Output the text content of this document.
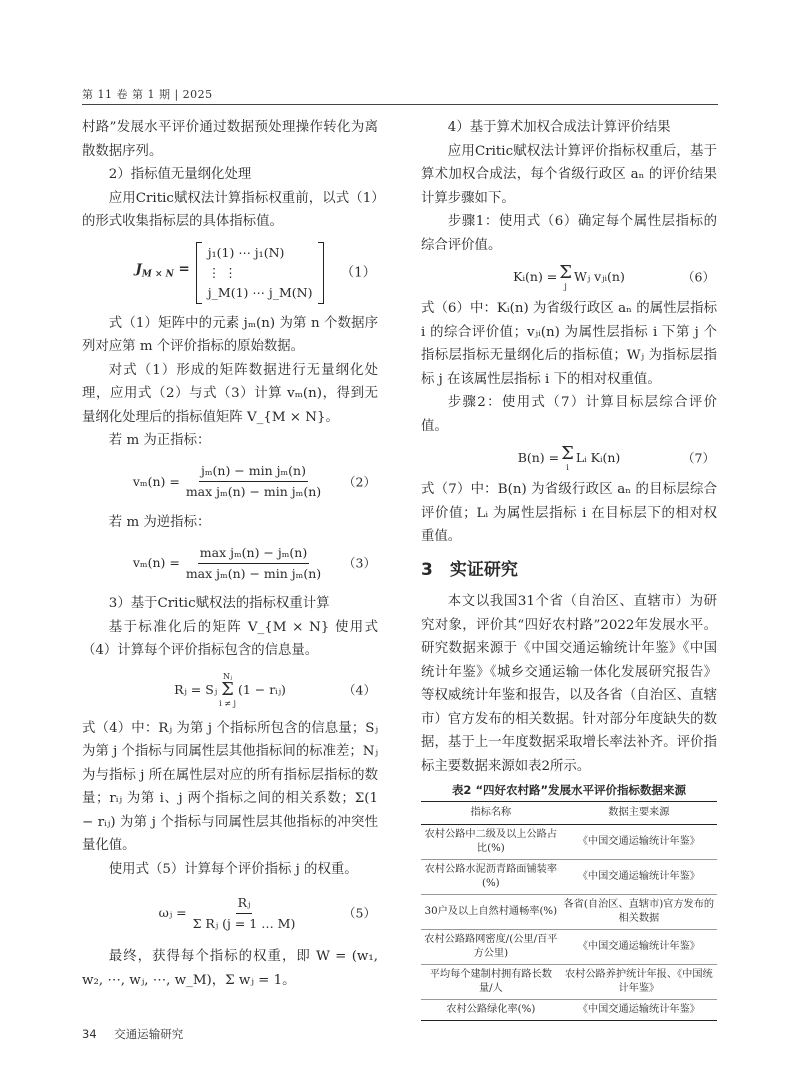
第 11 卷 第 1 期 | 2025

村路”发展水平评价通过数据预处理操作转化为离散数据序列。

2）指标值无量纲化处理

应用Critic赋权法计算指标权重前，以式（1）的形式收集指标层的具体指标值。

$J_{M \times N}$ =
j₁(1) ⋯ j₁(N)
⋮ ⋮
j_M(1) ⋯ j_M(N)
（1）

式（1）矩阵中的元素 jₘ(n) 为第 n 个数据序列对应第 m 个评价指标的原始数据。

对式（1）形成的矩阵数据进行无量纲化处理，应用式（2）与式（3）计算 vₘ(n)，得到无量纲化处理后的指标值矩阵 V_{M × N}。

若 m 为正指标：

$v_m(n) = \frac{\text{jₘ(n) − min jₘ(n)}}{\text{max jₘ(n) − min jₘ(n)}} (2)$

若 m 为逆指标：

$v_m(n) = \frac{\text{max jₘ(n) − jₘ(n)}}{\text{max jₘ(n) − min jₘ(n)}} (3)$

3）基于Critic赋权法的指标权重计算

基于标准化后的矩阵 V_{M × N} 使用式（4）计算每个评价指标包含的信息量。

Rⱼ = Sⱼ
Nⱼ
Σ
i ≠ j
(1 − rᵢⱼ)	（4）

式（4）中：Rⱼ 为第 j 个指标所包含的信息量；Sⱼ 为第 j 个指标与同属性层其他指标间的标准差；Nⱼ 为与指标 j 所在属性层对应的所有指标层指标的数量；rᵢⱼ 为第 i、j 两个指标之间的相关系数；Σ(1 − rᵢⱼ) 为第 j 个指标与同属性层其他指标的冲突性量化值。

使用式（5）计算每个评价指标 j 的权重。

ωⱼ = $\frac{\text{Rⱼ}}{\text{Σ Rⱼ (j = 1 … M)}}$	（5）

最终，获得每个指标的权重，即 W = (w₁, w₂, ⋯, wⱼ, ⋯, w_M)，Σ wⱼ = 1。

4）基于算术加权合成法计算评价结果

应用Critic赋权法计算评价指标权重后，基于算术加权合成法，每个省级行政区 aₙ 的评价结果计算步骤如下。

步骤1：使用式（6）确定每个属性层指标的综合评价值。

Kᵢ(n) = Σ
j
Wⱼ vⱼᵢ(n)	（6）

式（6）中：Kᵢ(n) 为省级行政区 aₙ 的属性层指标 i 的综合评价值；vⱼᵢ(n) 为属性层指标 i 下第 j 个指标层指标无量纲化后的指标值；Wⱼ 为指标层指标 j 在该属性层指标 i 下的相对权重值。

步骤2：使用式（7）计算目标层综合评价值。

B(n) = Σ
i
Lᵢ Kᵢ(n)	（7）

式（7）中：B(n) 为省级行政区 aₙ 的目标层综合评价值；Lᵢ 为属性层指标 i 在目标层下的相对权重值。

3　实证研究

本文以我国31个省（自治区、直辖市）为研究对象，评价其“四好农村路”2022年发展水平。研究数据来源于《中国交通运输统计年鉴》《中国统计年鉴》《城乡交通运输一体化发展研究报告》等权威统计年鉴和报告，以及各省（自治区、直辖市）官方发布的相关数据。针对部分年度缺失的数据，基于上一年度数据采取增长率法补齐。评价指标主要数据来源如表2所示。

表2 “四好农村路”发展水平评价指标数据来源
指标名称	数据主要来源
农村公路中二级及以上公路占比(%)	《中国交通运输统计年鉴》
农村公路水泥沥青路面铺装率(%)	《中国交通运输统计年鉴》
30户及以上自然村通畅率(%)	各省(自治区、直辖市)官方发布的相关数据
农村公路路网密度/(公里/百平方公里)	《中国交通运输统计年鉴》
平均每个建制村拥有路长数量/人	农村公路养护统计年报、《中国统计年鉴》
农村公路绿化率(%)	《中国交通运输统计年鉴》
34 交通运输研究
